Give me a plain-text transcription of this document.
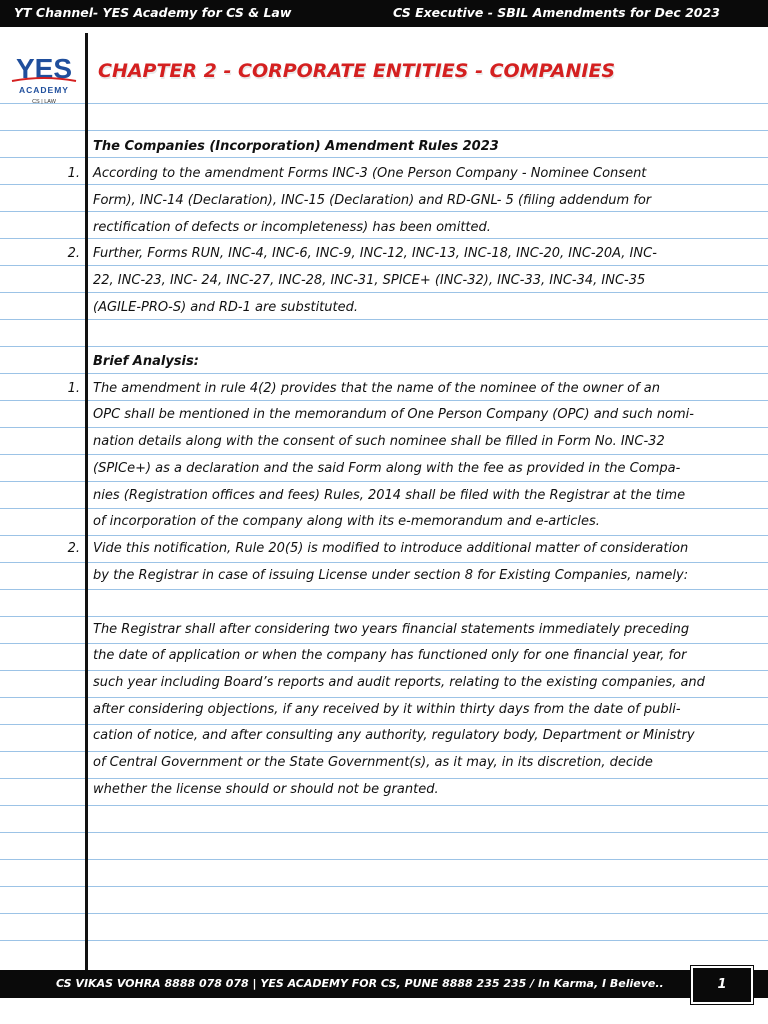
YT Channel- YES Academy for CS & Law	CS Executive - SBIL Amendments for Dec 2023
YES
ACADEMY
CS | LAW
CHAPTER 2 - CORPORATE ENTITIES - COMPANIES
The Companies (Incorporation) Amendment Rules 2023
1. According to the amendment Forms INC-3 (One Person Company - Nominee Consent
Form), INC-14 (Declaration), INC-15 (Declaration) and RD-GNL- 5 (filing addendum for
rectification of defects or incompleteness) has been omitted.
2. Further, Forms RUN, INC-4, INC-6, INC-9, INC-12, INC-13, INC-18, INC-20, INC-20A, INC-
22, INC-23, INC- 24, INC-27, INC-28, INC-31, SPICE+ (INC-32), INC-33, INC-34, INC-35
(AGILE-PRO-S) and RD-1 are substituted.
Brief Analysis:
1. The amendment in rule 4(2) provides that the name of the nominee of the owner of an
OPC shall be mentioned in the memorandum of One Person Company (OPC) and such nomi-
nation details along with the consent of such nominee shall be filled in Form No. INC-32
(SPICe+) as a declaration and the said Form along with the fee as provided in the Compa-
nies (Registration offices and fees) Rules, 2014 shall be filed with the Registrar at the time
of incorporation of the company along with its e-memorandum and e-articles.
2. Vide this notification, Rule 20(5) is modified to introduce additional matter of consideration
by the Registrar in case of issuing License under section 8 for Existing Companies, namely:
The Registrar shall after considering two years financial statements immediately preceding
the date of application or when the company has functioned only for one financial year, for
such year including Board’s reports and audit reports, relating to the existing companies, and
after considering objections, if any received by it within thirty days from the date of publi-
cation of notice, and after consulting any authority, regulatory body, Department or Ministry
of Central Government or the State Government(s), as it may, in its discretion, decide
whether the license should or should not be granted.
CS VIKAS VOHRA 8888 078 078 | YES ACADEMY FOR CS, PUNE 8888 235 235 / In Karma, I Believe..	1
